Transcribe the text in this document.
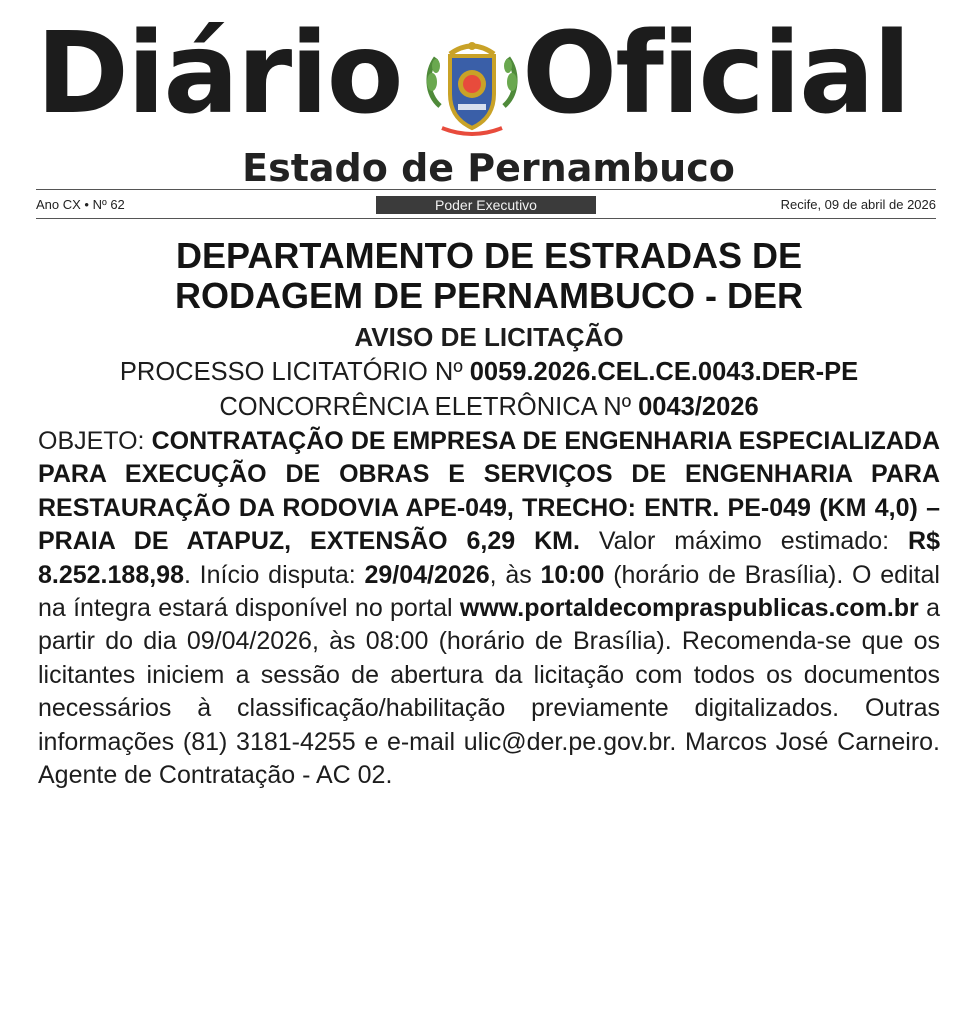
Diário Oficial
Estado de Pernambuco
Ano CX • Nº 62	Poder Executivo	Recife, 09 de abril de 2026

DEPARTAMENTO DE ESTRADAS DE
RODAGEM DE PERNAMBUCO - DER

AVISO DE LICITAÇÃO

PROCESSO LICITATÓRIO Nº 0059.2026.CEL.CE.0043.DER-PE

CONCORRÊNCIA ELETRÔNICA Nº 0043/2026

OBJETO: CONTRATAÇÃO DE EMPRESA DE ENGENHARIA ESPECIALIZADA PARA EXECUÇÃO DE OBRAS E SERVIÇOS DE ENGENHARIA PARA RESTAURAÇÃO DA RODOVIA APE-049, TRECHO: ENTR. PE-049 (KM 4,0) – PRAIA DE ATAPUZ, EXTENSÃO 6,29 KM. Valor máximo estimado: R$ 8.252.188,98. Início disputa: 29/04/2026, às 10:00 (horário de Brasília). O edital na íntegra estará disponível no portal www.portaldecompraspublicas.com.br a partir do dia 09/04/2026, às 08:00 (horário de Brasília). Recomenda-se que os licitantes iniciem a sessão de abertura da licitação com todos os documentos necessários à classificação/habilitação previamente digitalizados. Outras informações (81) 3181-4255 e e-mail ulic@der.pe.gov.br. Marcos José Carneiro. Agente de Contratação - AC 02.
